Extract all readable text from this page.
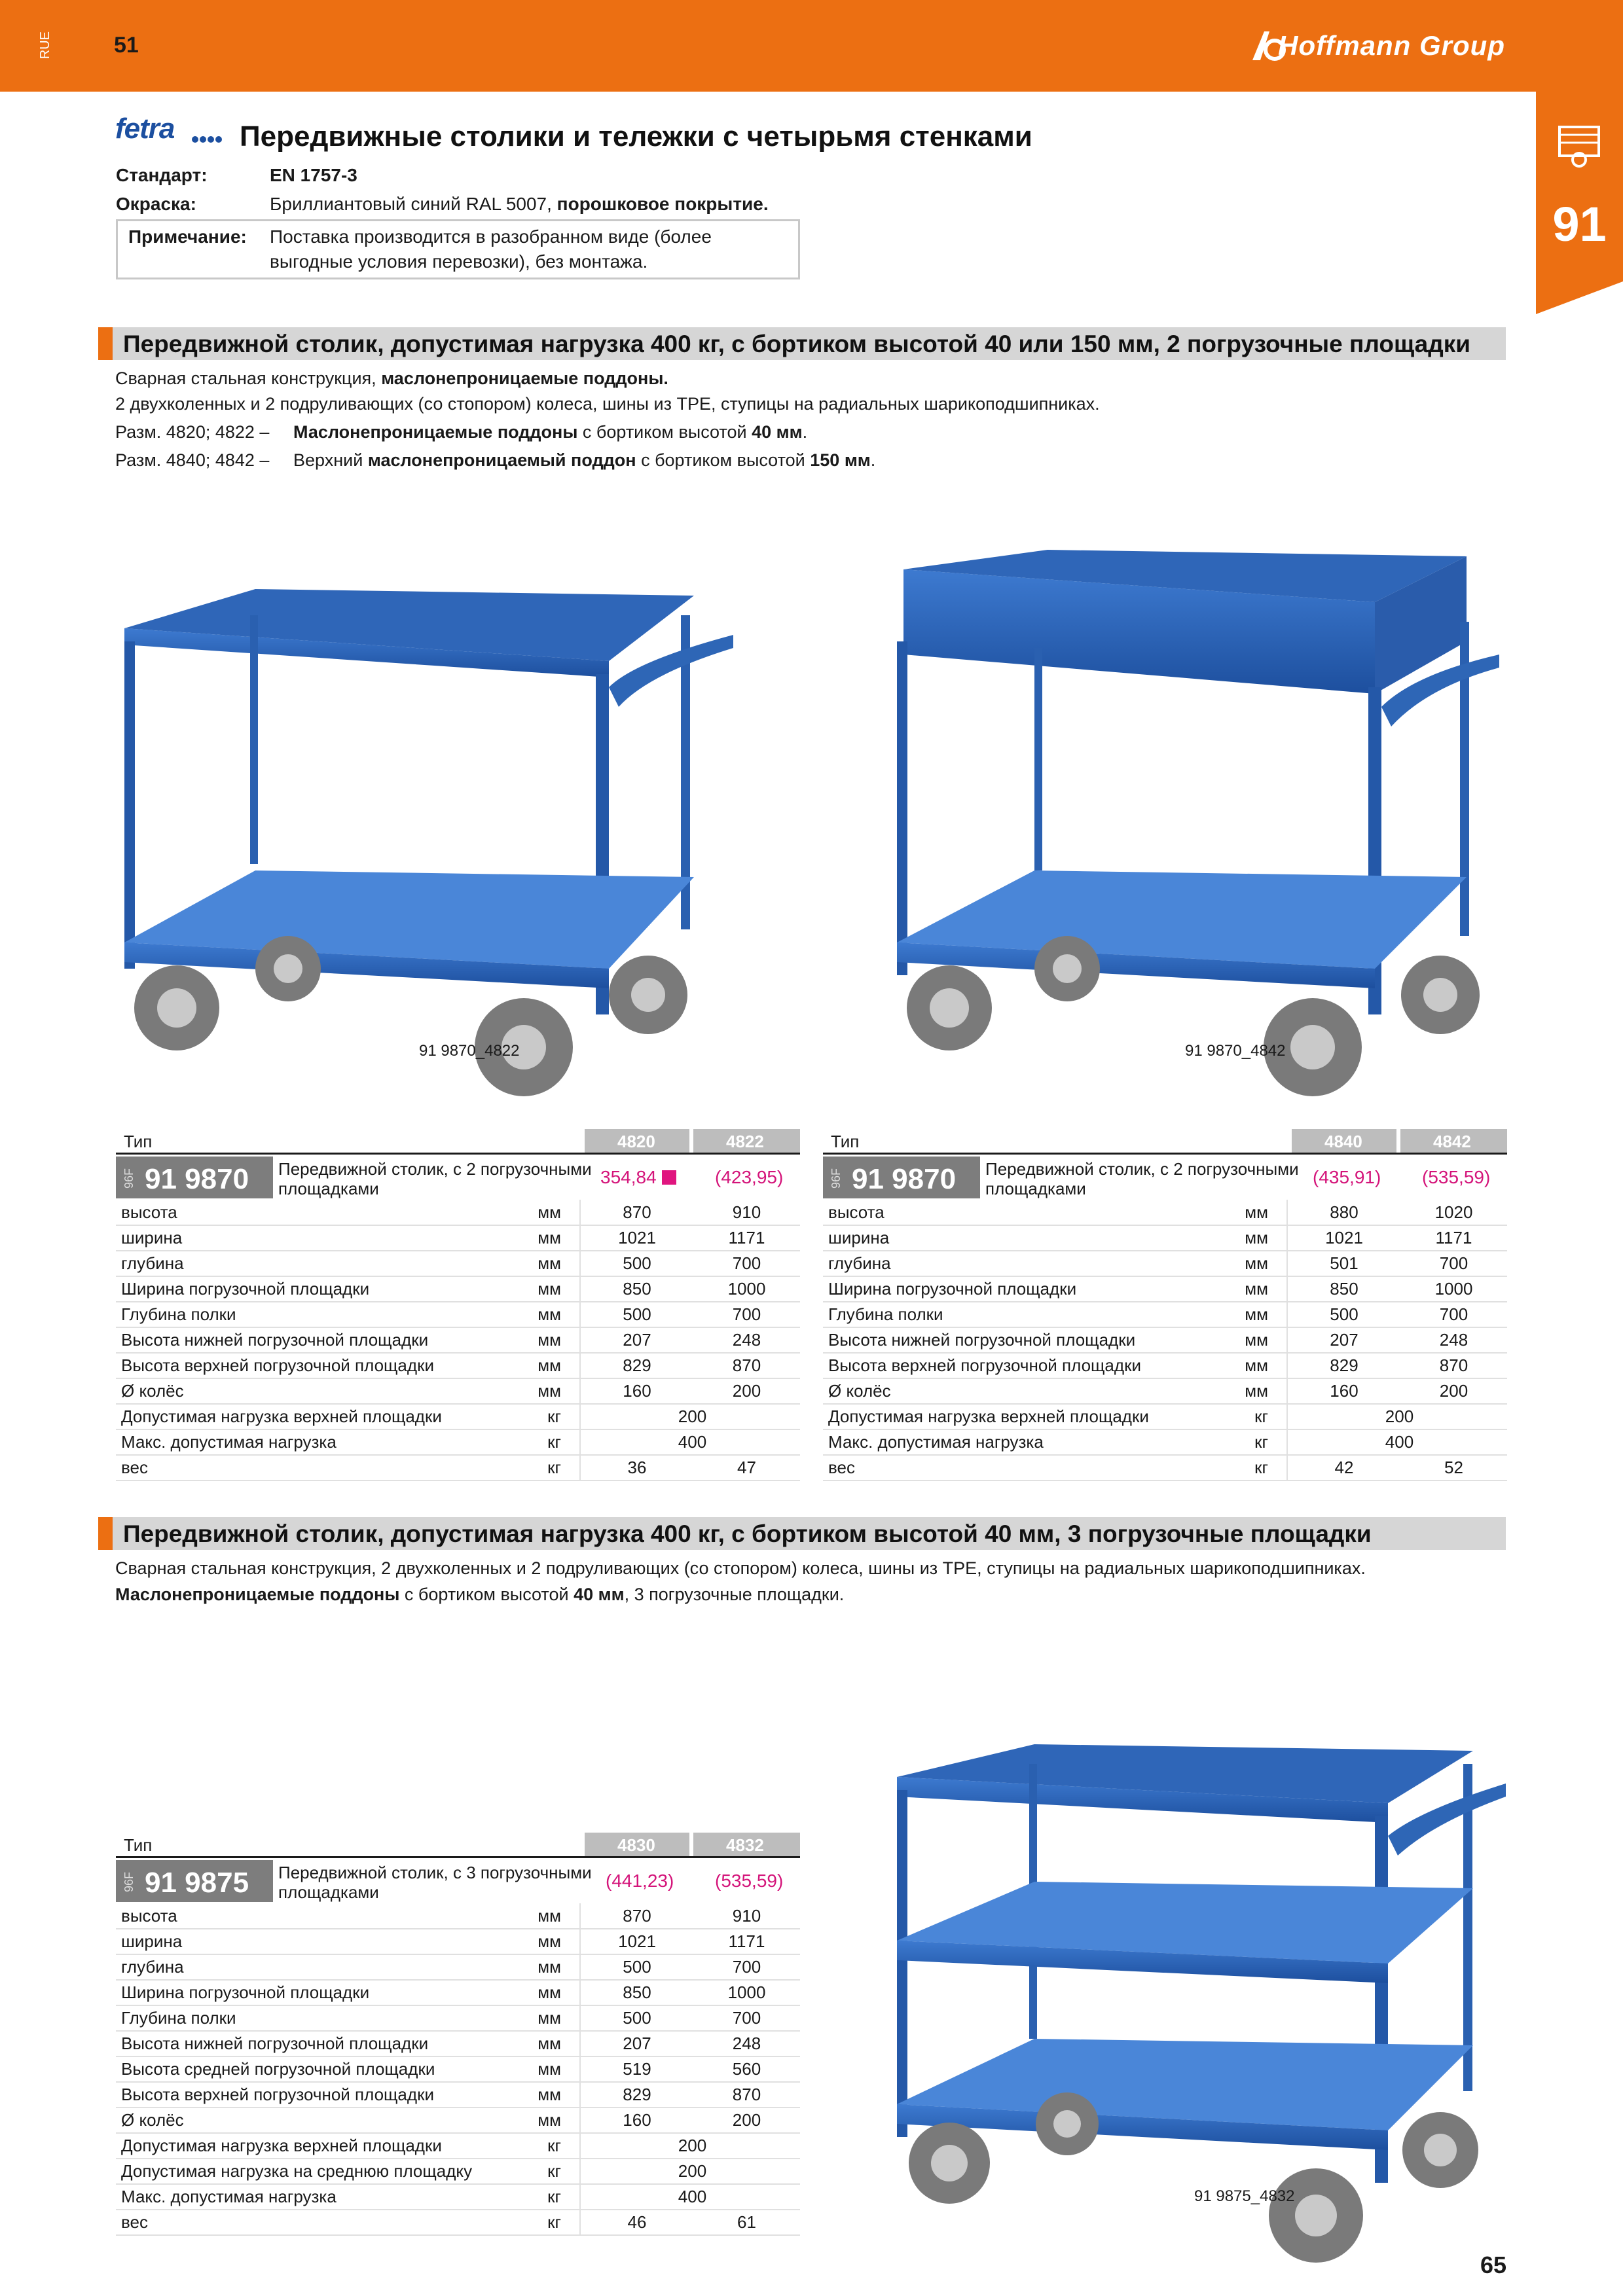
RUE	51	Hoffmann Group
91
fetra Передвижные столики и тележки с четырьмя стенками
Стандарт:	EN 1757-3
Окраска:	Бриллиантовый синий RAL 5007, порошковое покрытие.
Примечание: Поставка производится в разобранном виде (более
выгодные условия перевозки), без монтажа.
Передвижной столик, допустимая нагрузка 400 кг, с бортиком высотой 40 или 150 мм, 2 погрузочные площадки
Сварная стальная конструкция, маслонепроницаемые поддоны.
2 двухколенных и 2 подруливающих (со стопором) колеса, шины из TPE, ступицы на радиальных шарикоподшипниках.
Разм. 4820; 4822 – Маслонепроницаемые поддоны с бортиком высотой 40 мм.
Разм. 4840; 4842 – Верхний маслонепроницаемый поддон с бортиком высотой 150 мм.
91 9870_4822	91 9870_4842
Тип	4820	4822
96F 91 9870 Передвижной столик, с 2 погрузочными
площадками
354,84	(423,95)
высота	мм	870	910
ширина	мм	1021	1171
глубина	мм	500	700
Ширина погрузочной площадки	мм	850	1000
Глубина полки	мм	500	700
Высота нижней погрузочной площадки	мм	207	248
Высота верхней погрузочной площадки	мм	829	870
Ø колёс	мм	160	200
Допустимая нагрузка верхней площадки	кг	200
Макс. допустимая нагрузка	кг	400
вес	кг	36	47
Тип	4840	4842
96F 91 9870 Передвижной столик, с 2 погрузочными
площадками
(435,91) (535,59)
высота	мм	880	1020
ширина	мм	1021	1171
глубина	мм	501	700
Ширина погрузочной площадки	мм	850	1000
Глубина полки	мм	500	700
Высота нижней погрузочной площадки	мм	207	248
Высота верхней погрузочной площадки	мм	829	870
Ø колёс	мм	160	200
Допустимая нагрузка верхней площадки	кг	200
Макс. допустимая нагрузка	кг	400
вес	кг	42	52
Передвижной столик, допустимая нагрузка 400 кг, с бортиком высотой 40 мм, 3 погрузочные площадки
Сварная стальная конструкция, 2 двухколенных и 2 подруливающих (со стопором) колеса, шины из TPE, ступицы на радиальных шарикоподшипниках.
Маслонепроницаемые поддоны с бортиком высотой 40 мм, 3 погрузочные площадки.
91 9875_4832
Тип	4830	4832
96F 91 9875 Передвижной столик, с 3 погрузочными
площадками
(441,23) (535,59)
высота	мм	870	910
ширина	мм	1021	1171
глубина	мм	500	700
Ширина погрузочной площадки	мм	850	1000
Глубина полки	мм	500	700
Высота нижней погрузочной площадки	мм	207	248
Высота средней погрузочной площадки	мм	519	560
Высота верхней погрузочной площадки	мм	829	870
Ø колёс	мм	160	200
Допустимая нагрузка верхней площадки	кг	200
Допустимая нагрузка на среднюю площадку	кг	200
Макс. допустимая нагрузка	кг	400
вес	кг	46	61
65
